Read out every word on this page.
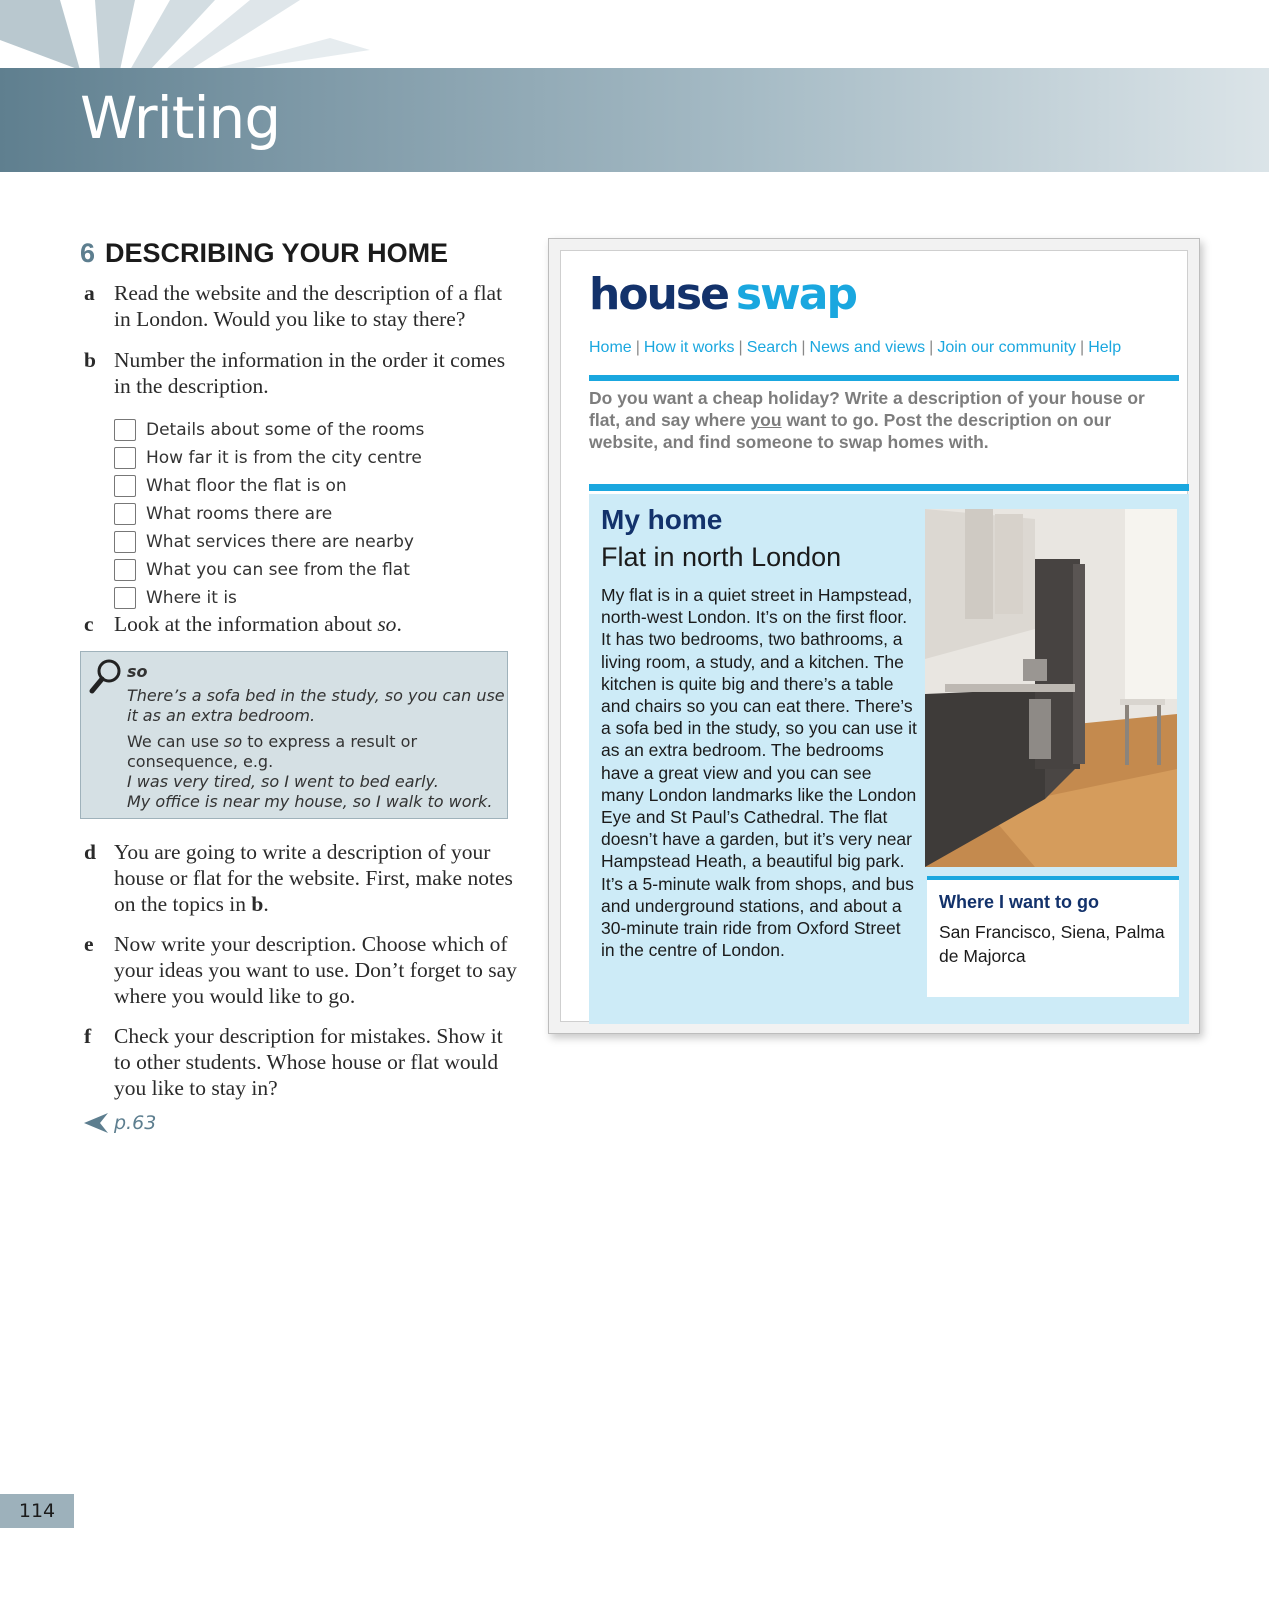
Writing
6 DESCRIBING YOUR HOME
a Read the website and the description of a flat in London. Would you like to stay there?
b Number the information in the order it comes in the description.
Details about some of the rooms
How far it is from the city centre
What floor the flat is on
What rooms there are
What services there are nearby
What you can see from the flat
Where it is
c Look at the information about so.
so
There’s a sofa bed in the study, so you can use it as an extra bedroom.
We can use so to express a result or consequence, e.g.
I was very tired, so I went to bed early.
My office is near my house, so I walk to work.
d You are going to write a description of your house or flat for the website. First, make notes on the topics in b.
e Now write your description. Choose which of your ideas you want to use. Don’t forget to say where you would like to go.
f Check your description for mistakes. Show it to other students. Whose house or flat would you like to stay in?
p.63
114
house swap
Home | How it works | Search | News and views | Join our community | Help
Do you want a cheap holiday? Write a description of your house or flat, and say where you want to go. Post the description on our website, and find someone to swap homes with.
My home
Flat in north London

My flat is in a quiet street in Hampstead, north-west London. It’s on the first floor. It has two bedrooms, two bathrooms, a living room, a study, and a kitchen. The kitchen is quite big and there’s a table and chairs so you can eat there. There’s a sofa bed in the study, so you can use it as an extra bedroom. The bedrooms have a great view and you can see many London landmarks like the London Eye and St Paul’s Cathedral. The flat doesn’t have a garden, but it’s very near Hampstead Heath, a beautiful big park. It’s a 5-minute walk from shops, and bus and underground stations, and about a 30-minute train ride from Oxford Street in the centre of London.

Where I want to go

San Francisco, Siena, Palma de Majorca
